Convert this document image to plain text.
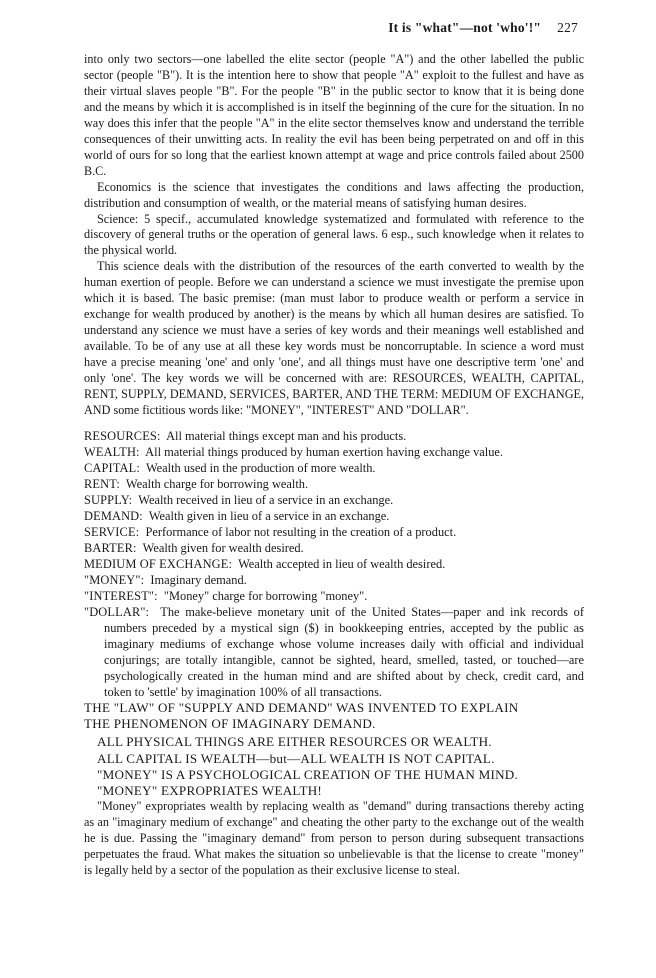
It is "what"—not 'who'!" 227

into only two sectors—one labelled the elite sector (people "A") and the other labelled the public sector (people "B"). It is the intention here to show that people "A" exploit to the fullest and have as their virtual slaves people "B". For the people "B" in the public sector to know that it is being done and the means by which it is accomplished is in itself the beginning of the cure for the situation. In no way does this infer that the people "A" in the elite sector themselves know and understand the terrible consequences of their unwitting acts. In reality the evil has been being perpetrated on and off in this world of ours for so long that the earliest known attempt at wage and price controls failed about 2500 B.C.

Economics is the science that investigates the conditions and laws affecting the production, distribution and consumption of wealth, or the material means of satisfying human desires.

Science: 5 specif., accumulated knowledge systematized and formulated with reference to the discovery of general truths or the operation of general laws. 6 esp., such knowledge when it relates to the physical world.

This science deals with the distribution of the resources of the earth converted to wealth by the human exertion of people. Before we can understand a science we must investigate the premise upon which it is based. The basic premise: (man must labor to produce wealth or perform a service in exchange for wealth produced by another) is the means by which all human desires are satisfied. To understand any science we must have a series of key words and their meanings well established and available. To be of any use at all these key words must be noncorruptable. In science a word must have a precise meaning 'one' and only 'one', and all things must have one descriptive term 'one' and only 'one'. The key words we will be concerned with are: RESOURCES, WEALTH, CAPITAL, RENT, SUPPLY, DEMAND, SERVICES, BARTER, AND THE TERM: MEDIUM OF EXCHANGE, AND some fictitious words like: "MONEY", "INTEREST" AND "DOLLAR".

RESOURCES: All material things except man and his products.

WEALTH: All material things produced by human exertion having exchange value.

CAPITAL: Wealth used in the production of more wealth.

RENT: Wealth charge for borrowing wealth.

SUPPLY: Wealth received in lieu of a service in an exchange.

DEMAND: Wealth given in lieu of a service in an exchange.

SERVICE: Performance of labor not resulting in the creation of a product.

BARTER: Wealth given for wealth desired.

MEDIUM OF EXCHANGE: Wealth accepted in lieu of wealth desired.

"MONEY": Imaginary demand.

"INTEREST": "Money" charge for borrowing "money".

"DOLLAR": The make-believe monetary unit of the United States—paper and ink records of numbers preceded by a mystical sign ($) in bookkeeping entries, accepted by the public as imaginary mediums of exchange whose volume increases daily with official and individual conjurings; are totally intangible, cannot be sighted, heard, smelled, tasted, or touched—are psychologically created in the human mind and are shifted about by check, credit card, and token to 'settle' by imagination 100% of all transactions.

THE "LAW" OF "SUPPLY AND DEMAND" WAS INVENTED TO EXPLAIN

THE PHENOMENON OF IMAGINARY DEMAND.

ALL PHYSICAL THINGS ARE EITHER RESOURCES OR WEALTH.

ALL CAPITAL IS WEALTH—but—ALL WEALTH IS NOT CAPITAL.

"MONEY" IS A PSYCHOLOGICAL CREATION OF THE HUMAN MIND.

"MONEY" EXPROPRIATES WEALTH!

"Money" expropriates wealth by replacing wealth as "demand" during transactions thereby acting as an "imaginary medium of exchange" and cheating the other party to the exchange out of the wealth he is due. Passing the "imaginary demand" from person to person during subsequent transactions perpetuates the fraud. What makes the situation so unbelievable is that the license to create "money" is legally held by a sector of the population as their exclusive license to steal.
